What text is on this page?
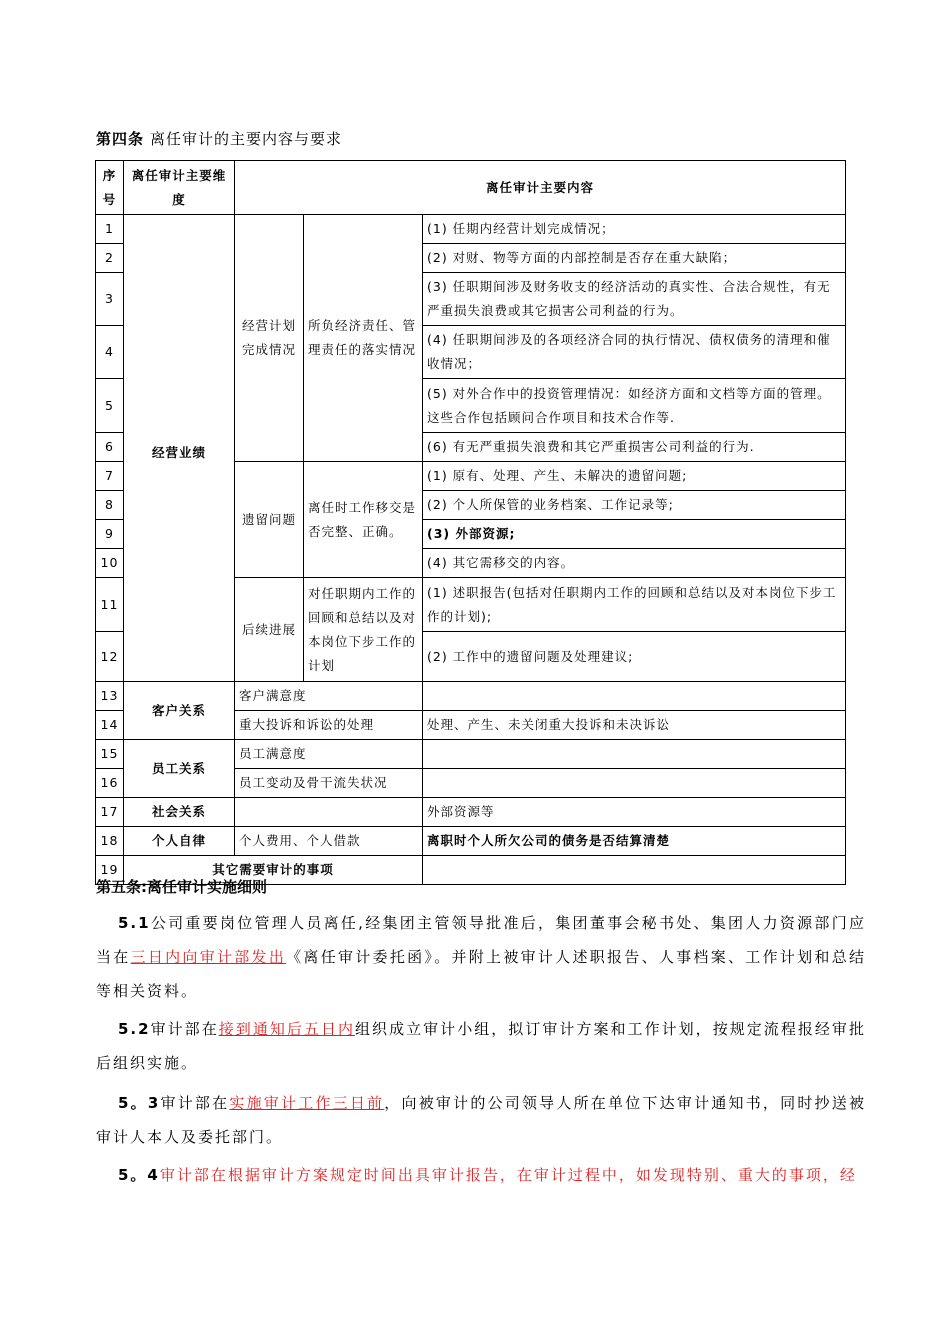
第四条 离任审计的主要内容与要求
序号	离任审计主要维度	离任审计主要内容		
1	经营业绩	经营计划完成情况	所负经济责任、管理责任的落实情况	(1) 任期内经营计划完成情况；
2				(2) 对财、物等方面的内部控制是否存在重大缺陷；
3				(3) 任职期间涉及财务收支的经济活动的真实性、合法合规性，有无严重损失浪费或其它损害公司利益的行为。
4				(4) 任职期间涉及的各项经济合同的执行情况、债权债务的清理和催收情况；
5				(5) 对外合作中的投资管理情况：如经济方面和文档等方面的管理。这些合作包括顾问合作项目和技术合作等.
6				(6) 有无严重损失浪费和其它严重损害公司利益的行为.
7		遗留问题	离任时工作移交是否完整、正确。	(1) 原有、处理、产生、未解决的遗留问题;
8				(2) 个人所保管的业务档案、工作记录等;
9				(3) 外部资源;
10				(4) 其它需移交的内容。
11		后续进展	对任职期内工作的回顾和总结以及对本岗位下步工作的计划	(1) 述职报告(包括对任职期内工作的回顾和总结以及对本岗位下步工作的计划);
12				(2) 工作中的遗留问题及处理建议;
13	客户关系	客户满意度		
14		重大投诉和诉讼的处理		处理、产生、未关闭重大投诉和未决诉讼
15	员工关系	员工满意度		
16		员工变动及骨干流失状况		
17	社会关系			外部资源等
18	个人自律	个人费用、个人借款		离职时个人所欠公司的债务是否结算清楚
19	其它需要审计的事项			
第五条:离任审计实施细则
5.1公司重要岗位管理人员离任,经集团主管领导批准后，集团董事会秘书处、集团人力资源部门应当在三日内向审计部发出《离任审计委托函》。并附上被审计人述职报告、人事档案、工作计划和总结等相关资料。
5.2审计部在接到通知后五日内组织成立审计小组，拟订审计方案和工作计划，按规定流程报经审批后组织实施。
5。3审计部在实施审计工作三日前，向被审计的公司领导人所在单位下达审计通知书，同时抄送被审计人本人及委托部门。
5。4审计部在根据审计方案规定时间出具审计报告，在审计过程中，如发现特别、重大的事项，经
